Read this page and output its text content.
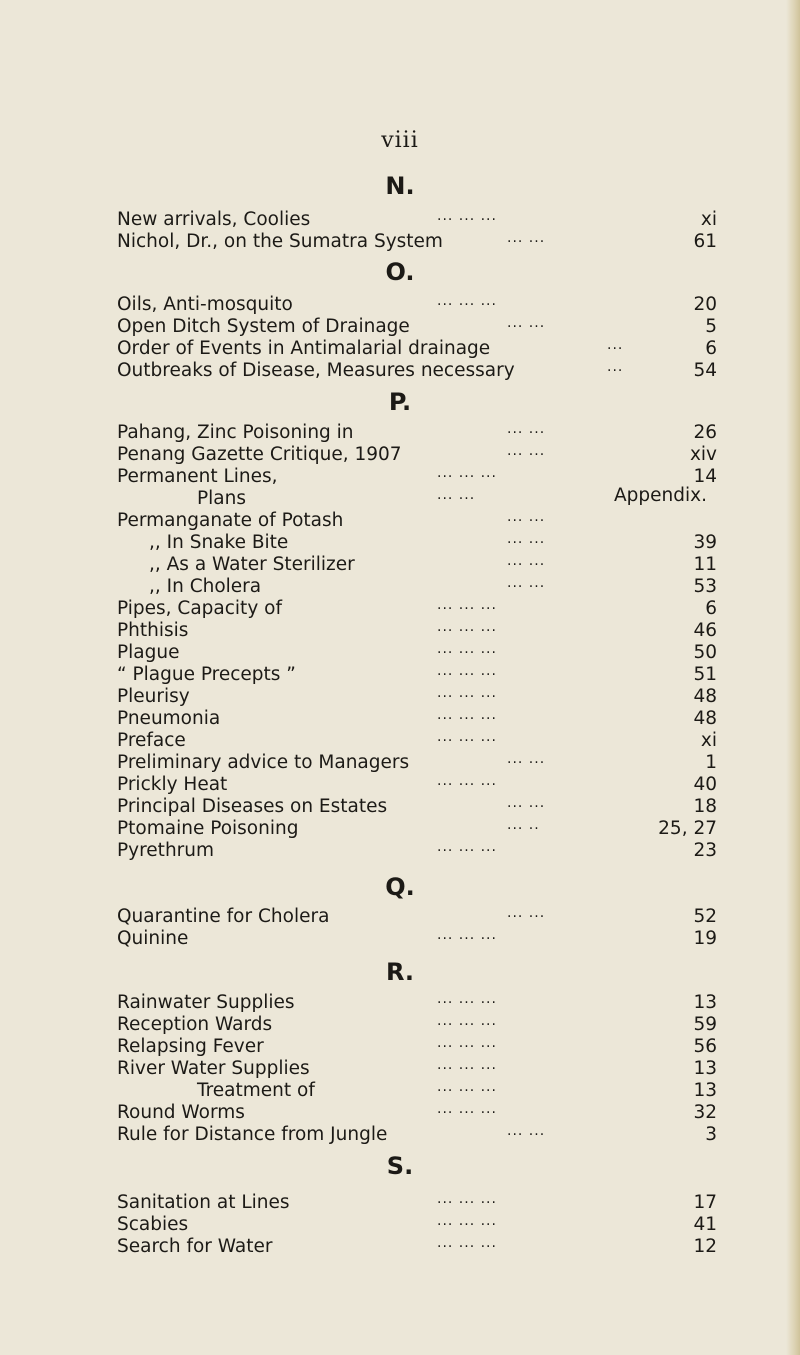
viii
N.
New arrivals, Coolies	... ... ...	xi
Nichol, Dr., on the Sumatra System	... ...	61
O.
Oils, Anti-mosquito	... ... ...	20
Open Ditch System of Drainage	... ...	5
Order of Events in Antimalarial drainage	...	6
Outbreaks of Disease, Measures necessary	...	54
P.
Pahang, Zinc Poisoning in	... ...	26
Penang Gazette Critique, 1907	... ...	xiv
Permanent Lines,	... ... ...	14
Plans	... ...	Appendix.
Permanganate of Potash	... ...
,, In Snake Bite	... ...	39
,, As a Water Sterilizer	... ...	11
,, In Cholera	... ...	53
Pipes, Capacity of	... ... ...	6
Phthisis	... ... ...	46
Plague	... ... ...	50
“ Plague Precepts ”	... ... ...	51
Pleurisy	... ... ...	48
Pneumonia	... ... ...	48
Preface	... ... ...	xi
Preliminary advice to Managers	... ...	1
Prickly Heat	... ... ...	40
Principal Diseases on Estates	... ...	18
Ptomaine Poisoning	... ..	25, 27
Pyrethrum	... ... ...	23
Q.
Quarantine for Cholera	... ...	52
Quinine	... ... ...	19
R.
Rainwater Supplies	... ... ...	13
Reception Wards	... ... ...	59
Relapsing Fever	... ... ...	56
River Water Supplies	... ... ...	13
Treatment of	... ... ...	13
Round Worms	... ... ...	32
Rule for Distance from Jungle	... ...	3
S.
Sanitation at Lines	... ... ...	17
Scabies	... ... ...	41
Search for Water	... ... ...	12
